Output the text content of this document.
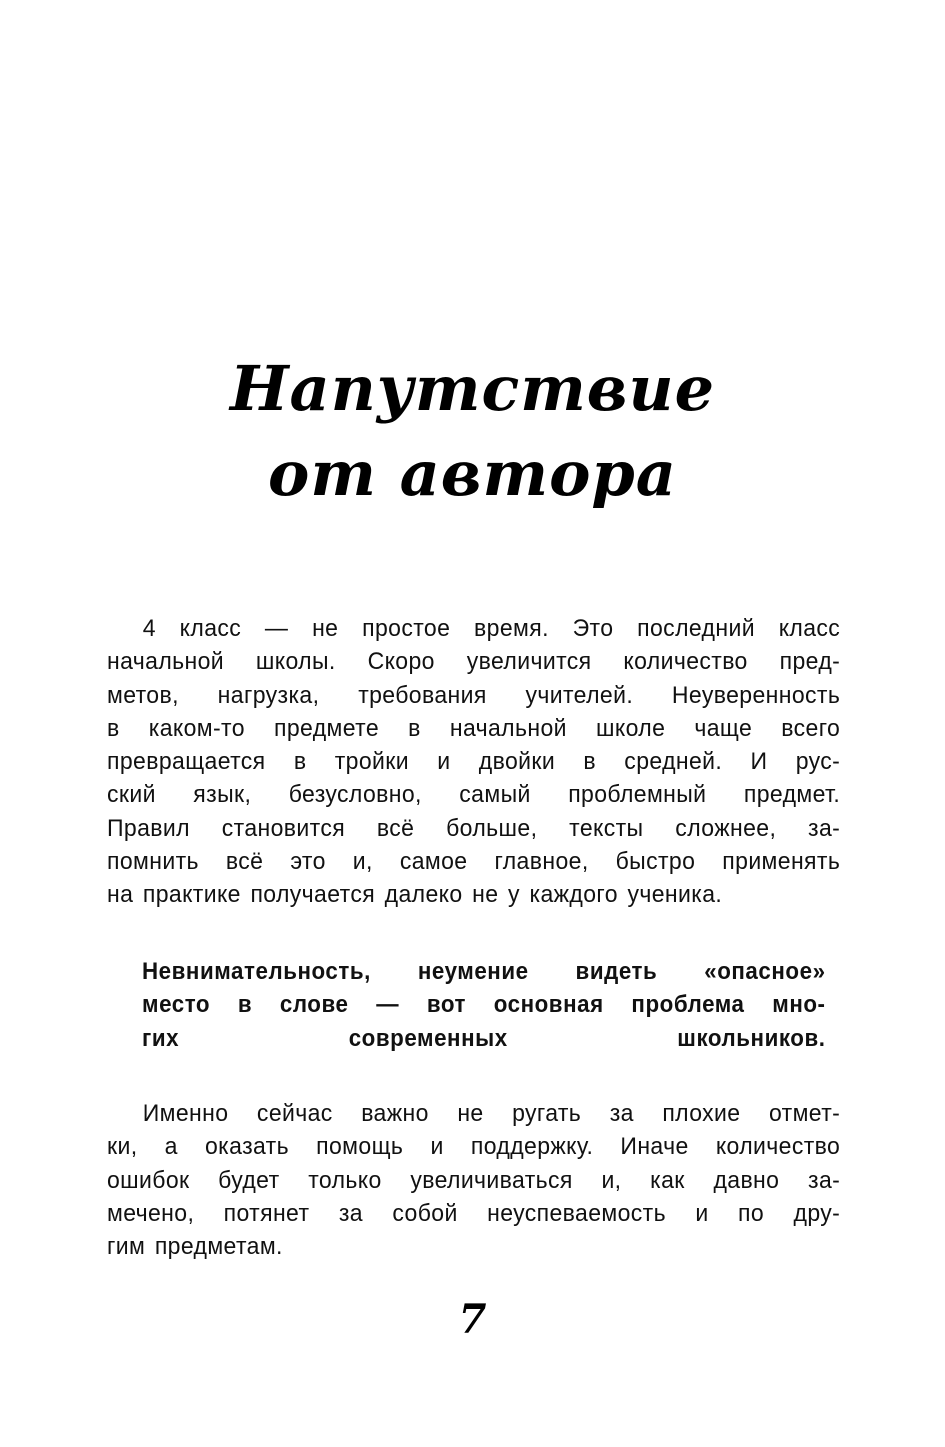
Напутствие
от автора
4 класс — не простое время. Это последний класс
начальной школы. Скоро увеличится количество пред-
метов, нагрузка, требования учителей. Неуверенность
в каком-то предмете в начальной школе чаще всего
превращается в тройки и двойки в средней. И рус-
ский язык, безусловно, самый проблемный предмет.
Правил становится всё больше, тексты сложнее, за-
помнить всё это и, самое главное, быстро применять
на практике получается далеко не у каждого ученика.
Невнимательность, неумение видеть «опасное»
место в слове — вот основная проблема мно-
гих современных школьников.
Именно сейчас важно не ругать за плохие отмет-
ки, а оказать помощь и поддержку. Иначе количество
ошибок будет только увеличиваться и, как давно за-
мечено, потянет за собой неуспеваемость и по дру-
гим предметам.
7
